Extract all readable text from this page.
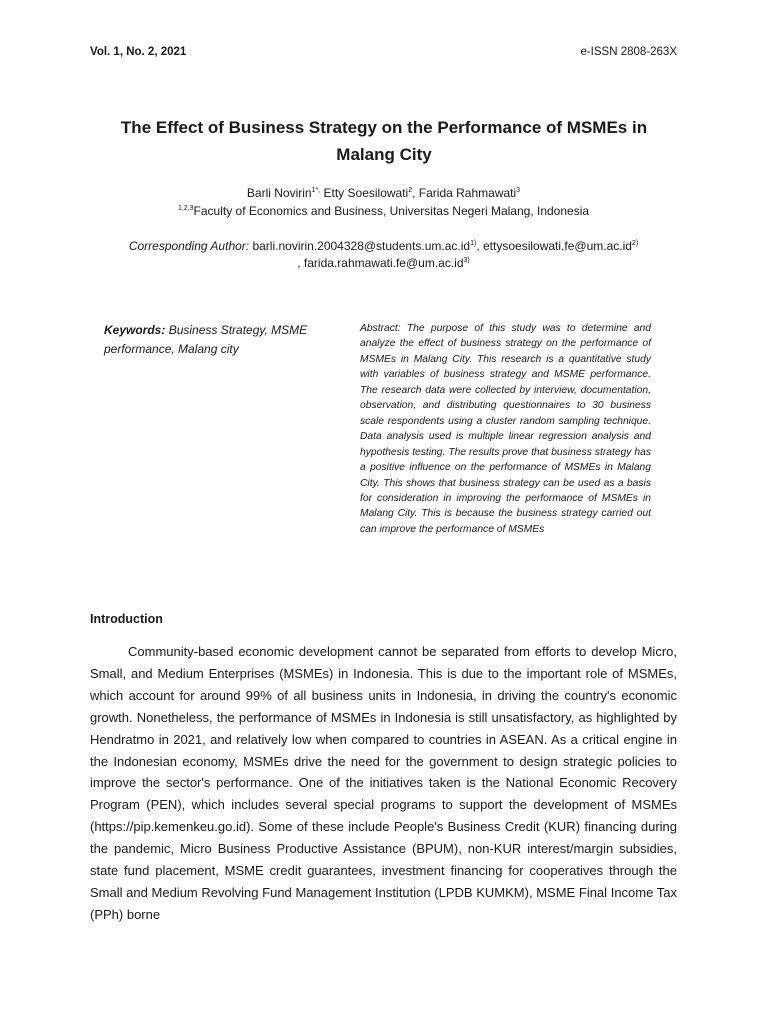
Vol. 1, No. 2, 2021	e-ISSN 2808-263X
The Effect of Business Strategy on the Performance of MSMEs in Malang City
Barli Novirin$^{1*,}$ Etty Soesilowati$^2$, Farida Rahmawati$^3$
$^{1,2,3}$Faculty of Economics and Business, Universitas Negeri Malang, Indonesia
Corresponding Author: $barli.novirin.2004328@students.um.ac.id^{1)}$, $ettysoesilowati.fe@um.ac.id^{2)}$
, $farida.rahmawati.fe@um.ac.id^{3)}$
Keywords: Business Strategy, MSME performance, Malang city

Abstract: The purpose of this study was to determine and analyze the effect of business strategy on the performance of MSMEs in Malang City. This research is a quantitative study with variables of business strategy and MSME performance. The research data were collected by interview, documentation, observation, and distributing questionnaires to 30 business scale respondents using a cluster random sampling technique. Data analysis used is multiple linear regression analysis and hypothesis testing. The results prove that business strategy has a positive influence on the performance of MSMEs in Malang City. This shows that business strategy can be used as a basis for consideration in improving the performance of MSMEs in Malang City. This is because the business strategy carried out can improve the performance of MSMEs

Introduction

Community-based economic development cannot be separated from efforts to develop Micro, Small, and Medium Enterprises (MSMEs) in Indonesia. This is due to the important role of MSMEs, which account for around 99% of all business units in Indonesia, in driving the country's economic growth. Nonetheless, the performance of MSMEs in Indonesia is still unsatisfactory, as highlighted by Hendratmo in 2021, and relatively low when compared to countries in ASEAN. As a critical engine in the Indonesian economy, MSMEs drive the need for the government to design strategic policies to improve the sector's performance. One of the initiatives taken is the National Economic Recovery Program (PEN), which includes several special programs to support the development of MSMEs (https://pip.kemenkeu.go.id). Some of these include People's Business Credit (KUR) financing during the pandemic, Micro Business Productive Assistance (BPUM), non-KUR interest/margin subsidies, state fund placement, MSME credit guarantees, investment financing for cooperatives through the Small and Medium Revolving Fund Management Institution (LPDB KUMKM), MSME Final Income Tax (PPh) borne
